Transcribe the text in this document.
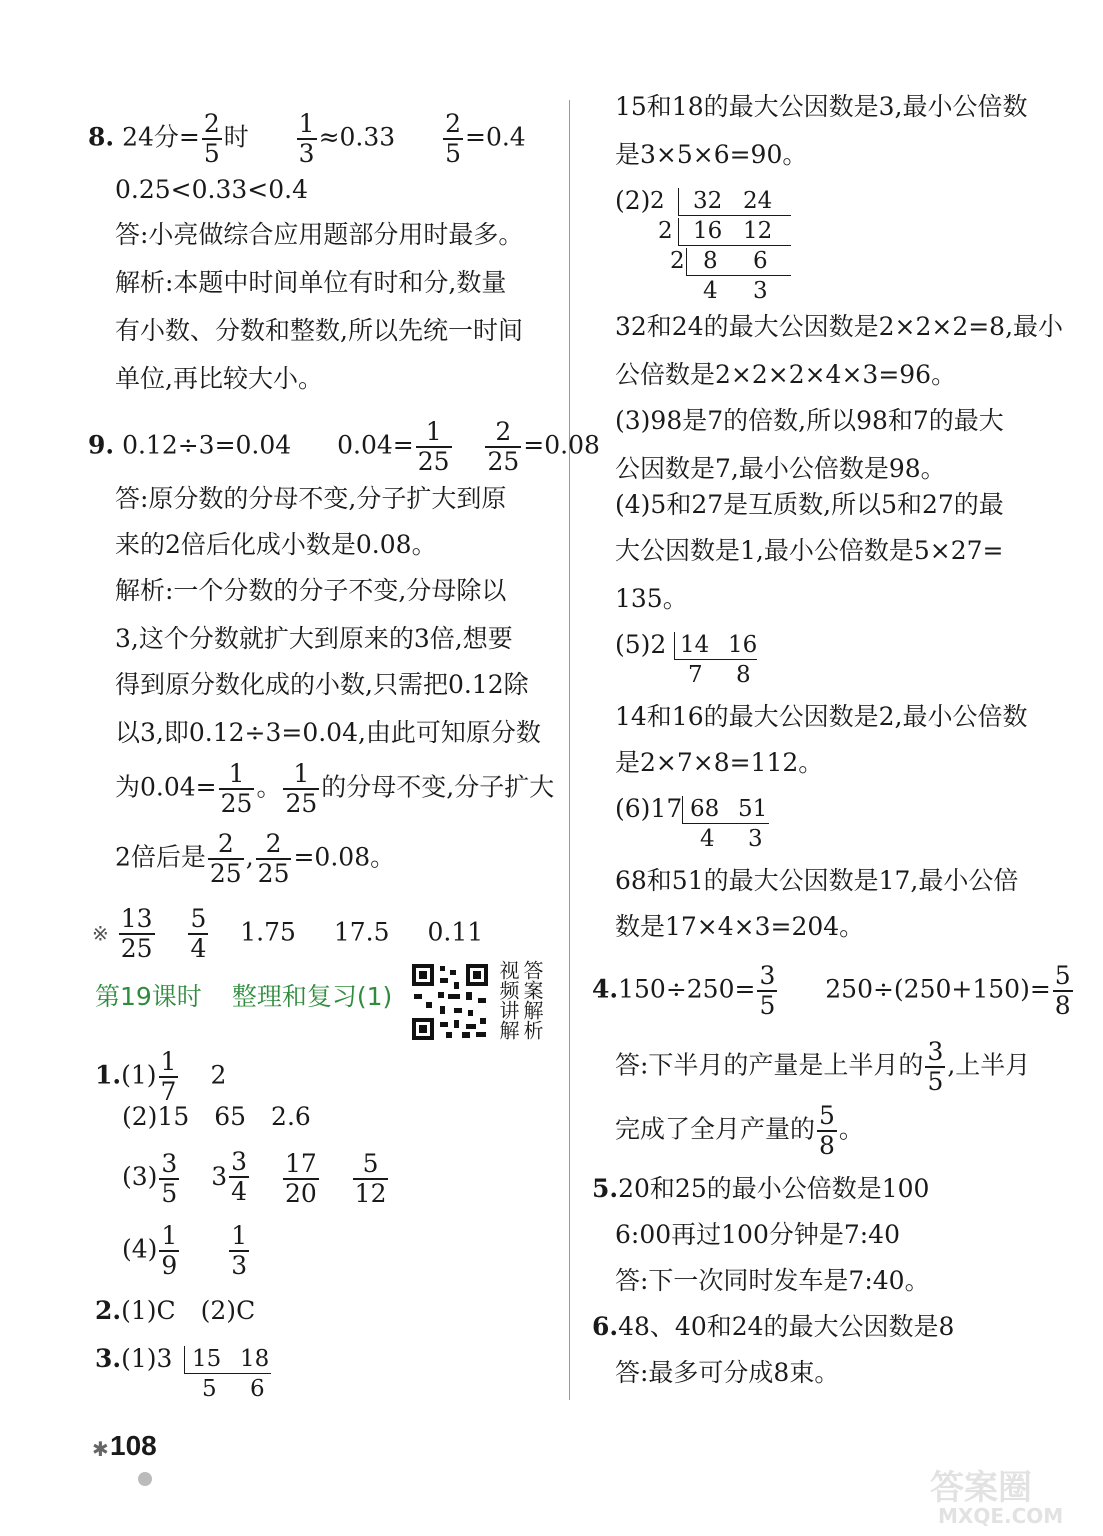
8. 24分= $\frac{2}{5}$ 时 $\frac{1}{3} \approx 0.33 \frac{2}{5} =0.4$
0.25<0.33<0.4
答:小亮做综合应用题部分用时最多。
解析:本题中时间单位有时和分,数量
有小数、分数和整数,所以先统一时间
单位,再比较大小。
9. 0.12÷3=0.04 $0.04= \frac{1}{25}$
$\frac{2}{25} =0.08$
答:原分数的分母不变,分子扩大到原
来的2倍后化成小数是0.08。
解析:一个分数的分子不变,分母除以
3,这个分数就扩大到原来的3倍,想要
得到原分数化成的小数,只需把0.12除
以3,即0.12÷3=0.04,由此可知原分数
为$0.04= \frac{1}{25}$ 。 $\frac{1}{25}$ 的分母不变,分子扩大
2倍后是 $\frac{2}{25}$ , $\frac{2}{25} =0.08$。
※ $\frac{13}{25}$
$\frac{5}{4} 1.75$ 17.5 0.11
第19课时 整理和复习(1)	答案解析
视频讲解
$1.(1) \frac{1}{7} 2$
(2)15　65　2.6
$(3) \frac{3}{5}$
3
3
4
$\frac{17}{20}$
$\frac{5}{12}$
$(4) \frac{1}{9}$
$\frac{1}{3}$
2.(1)C　(2)C
3.(1)3 15 18
5 6
15和18的最大公因数是3,最小公倍数
是3×5×6=90。
(2) 2 32 24
2 16 12
2 8 6
4 3
32和24的最大公因数是2×2×2=8,最小
公倍数是2×2×2×4×3=96。
(3)98是7的倍数,所以98和7的最大
公因数是7,最小公倍数是98。
(4)5和27是互质数,所以5和27的最
大公因数是1,最小公倍数是5×27=
135。
(5)2 14 16
7 8
14和16的最大公因数是2,最小公倍数
是2×7×8=112。
(6)17 68 51
4 3
68和51的最大公因数是17,最小公倍
数是17×4×3=204。
$4.150\div 250= \frac{3}{5} 250\div(250+150)= \frac{5}{8}$
答:下半月的产量是上半月的 $\frac{3}{5}$ ,上半月
完成了全月产量的 $\frac{5}{8}$ 。
5.20和25的最小公倍数是100
6:00再过100分钟是7:40
答:下一次同时发车是7:40。
6.48、40和24的最大公因数是8
答:最多可分成8束。
✱ 108
答案圈
MXQE.COM
